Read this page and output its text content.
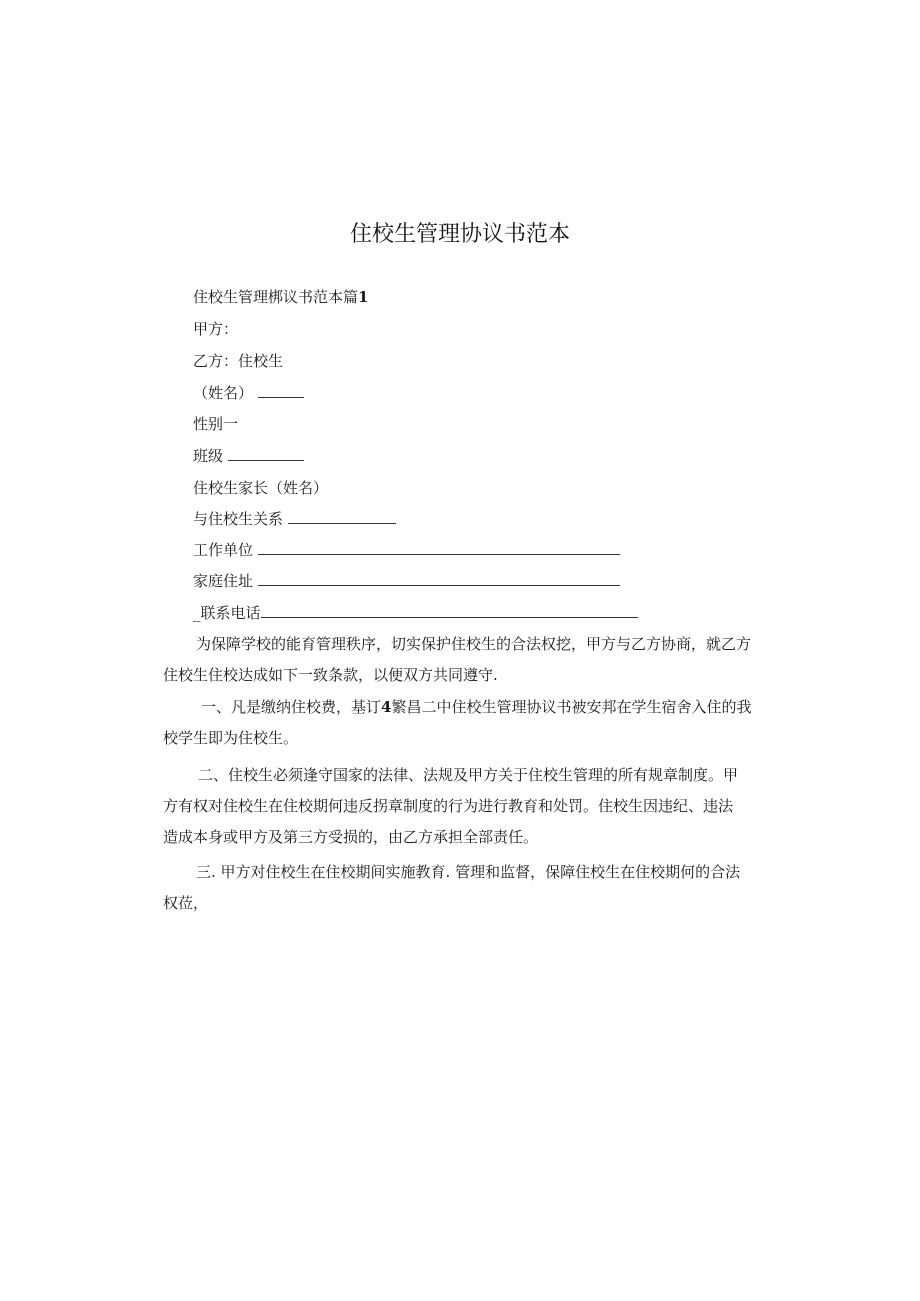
住校生管理协议书范本
住校生管理梆议书范本篇1
甲方：
乙方：住校生
（姓名）
性别一
班级
住校生家长（姓名）
与住校生关系
工作单位
家庭住址
_联系电话
为保障学校的能育管理秩序，切实保护住校生的合法权挖，甲方与乙方协商，就乙方
住校生住校达成如下一致条款，以便双方共同遵守.
一、凡是缴纳住校费，基订4繁昌二中住校生管理协议书被安邦在学生宿舍入住的我
校学生即为住校生。
二、住校生必须逢守国家的法律、法规及甲方关于住校生管理的所有规章制度。甲
方有权对住校生在住校期何违反拐章制度的行为进行教育和处罚。住校生因违纪、违法
造成本身或甲方及第三方受损的，由乙方承担全部责任。
三. 甲方对住校生在住校期间实施教育. 管理和监督，保障住校生在住校期何的合法
权莅，
